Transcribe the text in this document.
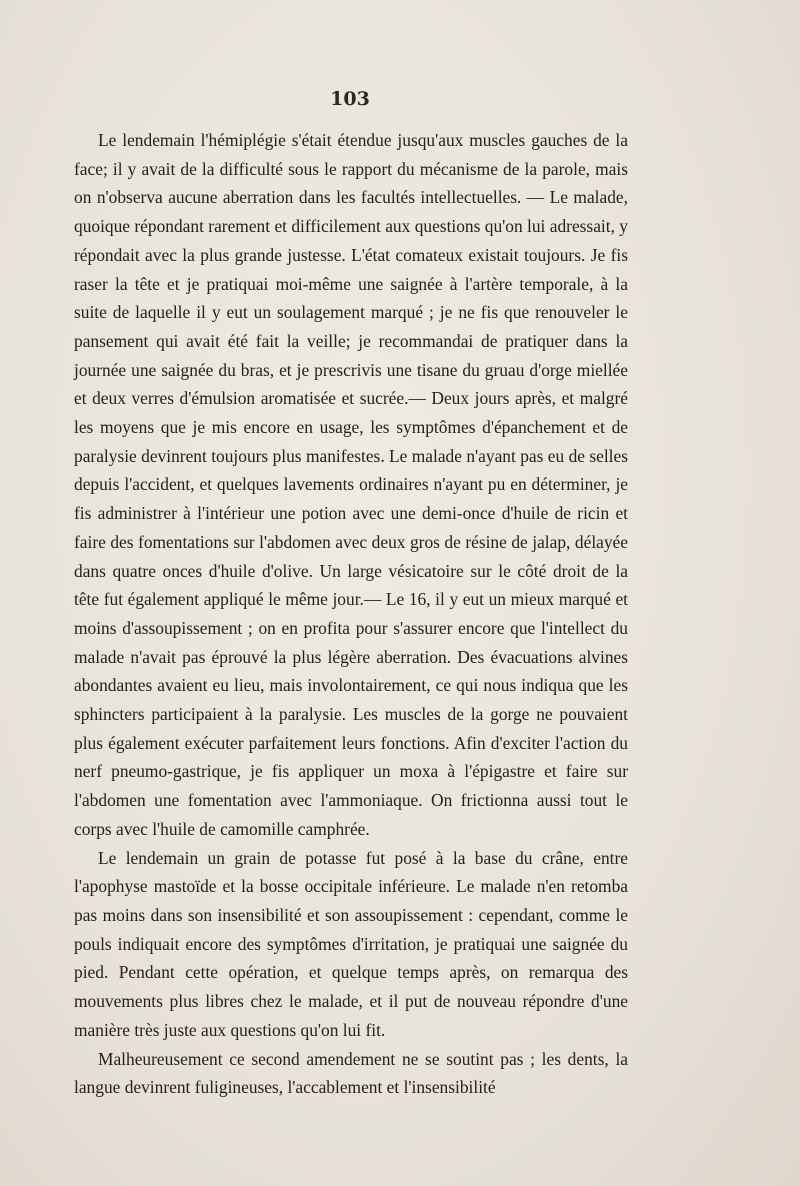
103

Le lendemain l'hémiplégie s'était étendue jusqu'aux muscles gauches de la face; il y avait de la difficulté sous le rapport du mécanisme de la parole, mais on n'observa aucune aberration dans les facultés intellectuelles. — Le malade, quoique répondant rarement et difficilement aux questions qu'on lui adressait, y répondait avec la plus grande justesse. L'état comateux existait toujours. Je fis raser la tête et je pratiquai moi-même une saignée à l'artère temporale, à la suite de laquelle il y eut un soulagement marqué ; je ne fis que renouveler le pansement qui avait été fait la veille; je recommandai de pratiquer dans la journée une saignée du bras, et je prescrivis une tisane du gruau d'orge miellée et deux verres d'émulsion aromatisée et sucrée.— Deux jours après, et malgré les moyens que je mis encore en usage, les symptômes d'épanchement et de paralysie devinrent toujours plus manifestes. Le malade n'ayant pas eu de selles depuis l'accident, et quelques lavements ordinaires n'ayant pu en déterminer, je fis administrer à l'intérieur une potion avec une demi-once d'huile de ricin et faire des fomentations sur l'abdomen avec deux gros de résine de jalap, délayée dans quatre onces d'huile d'olive. Un large vésicatoire sur le côté droit de la tête fut également appliqué le même jour.— Le 16, il y eut un mieux marqué et moins d'assoupissement ; on en profita pour s'assurer encore que l'intellect du malade n'avait pas éprouvé la plus légère aberration. Des évacuations alvines abondantes avaient eu lieu, mais involontairement, ce qui nous indiqua que les sphincters participaient à la paralysie. Les muscles de la gorge ne pouvaient plus également exécuter parfaitement leurs fonctions. Afin d'exciter l'action du nerf pneumo-gastrique, je fis appliquer un moxa à l'épigastre et faire sur l'abdomen une fomentation avec l'ammoniaque. On frictionna aussi tout le corps avec l'huile de camomille camphrée.

Le lendemain un grain de potasse fut posé à la base du crâne, entre l'apophyse mastoïde et la bosse occipitale inférieure. Le malade n'en retomba pas moins dans son insensibilité et son assoupissement : cependant, comme le pouls indiquait encore des symptômes d'irritation, je pratiquai une saignée du pied. Pendant cette opération, et quelque temps après, on remarqua des mouvements plus libres chez le malade, et il put de nouveau répondre d'une manière très juste aux questions qu'on lui fit.

Malheureusement ce second amendement ne se soutint pas ; les dents, la langue devinrent fuligineuses, l'accablement et l'insensibilité
